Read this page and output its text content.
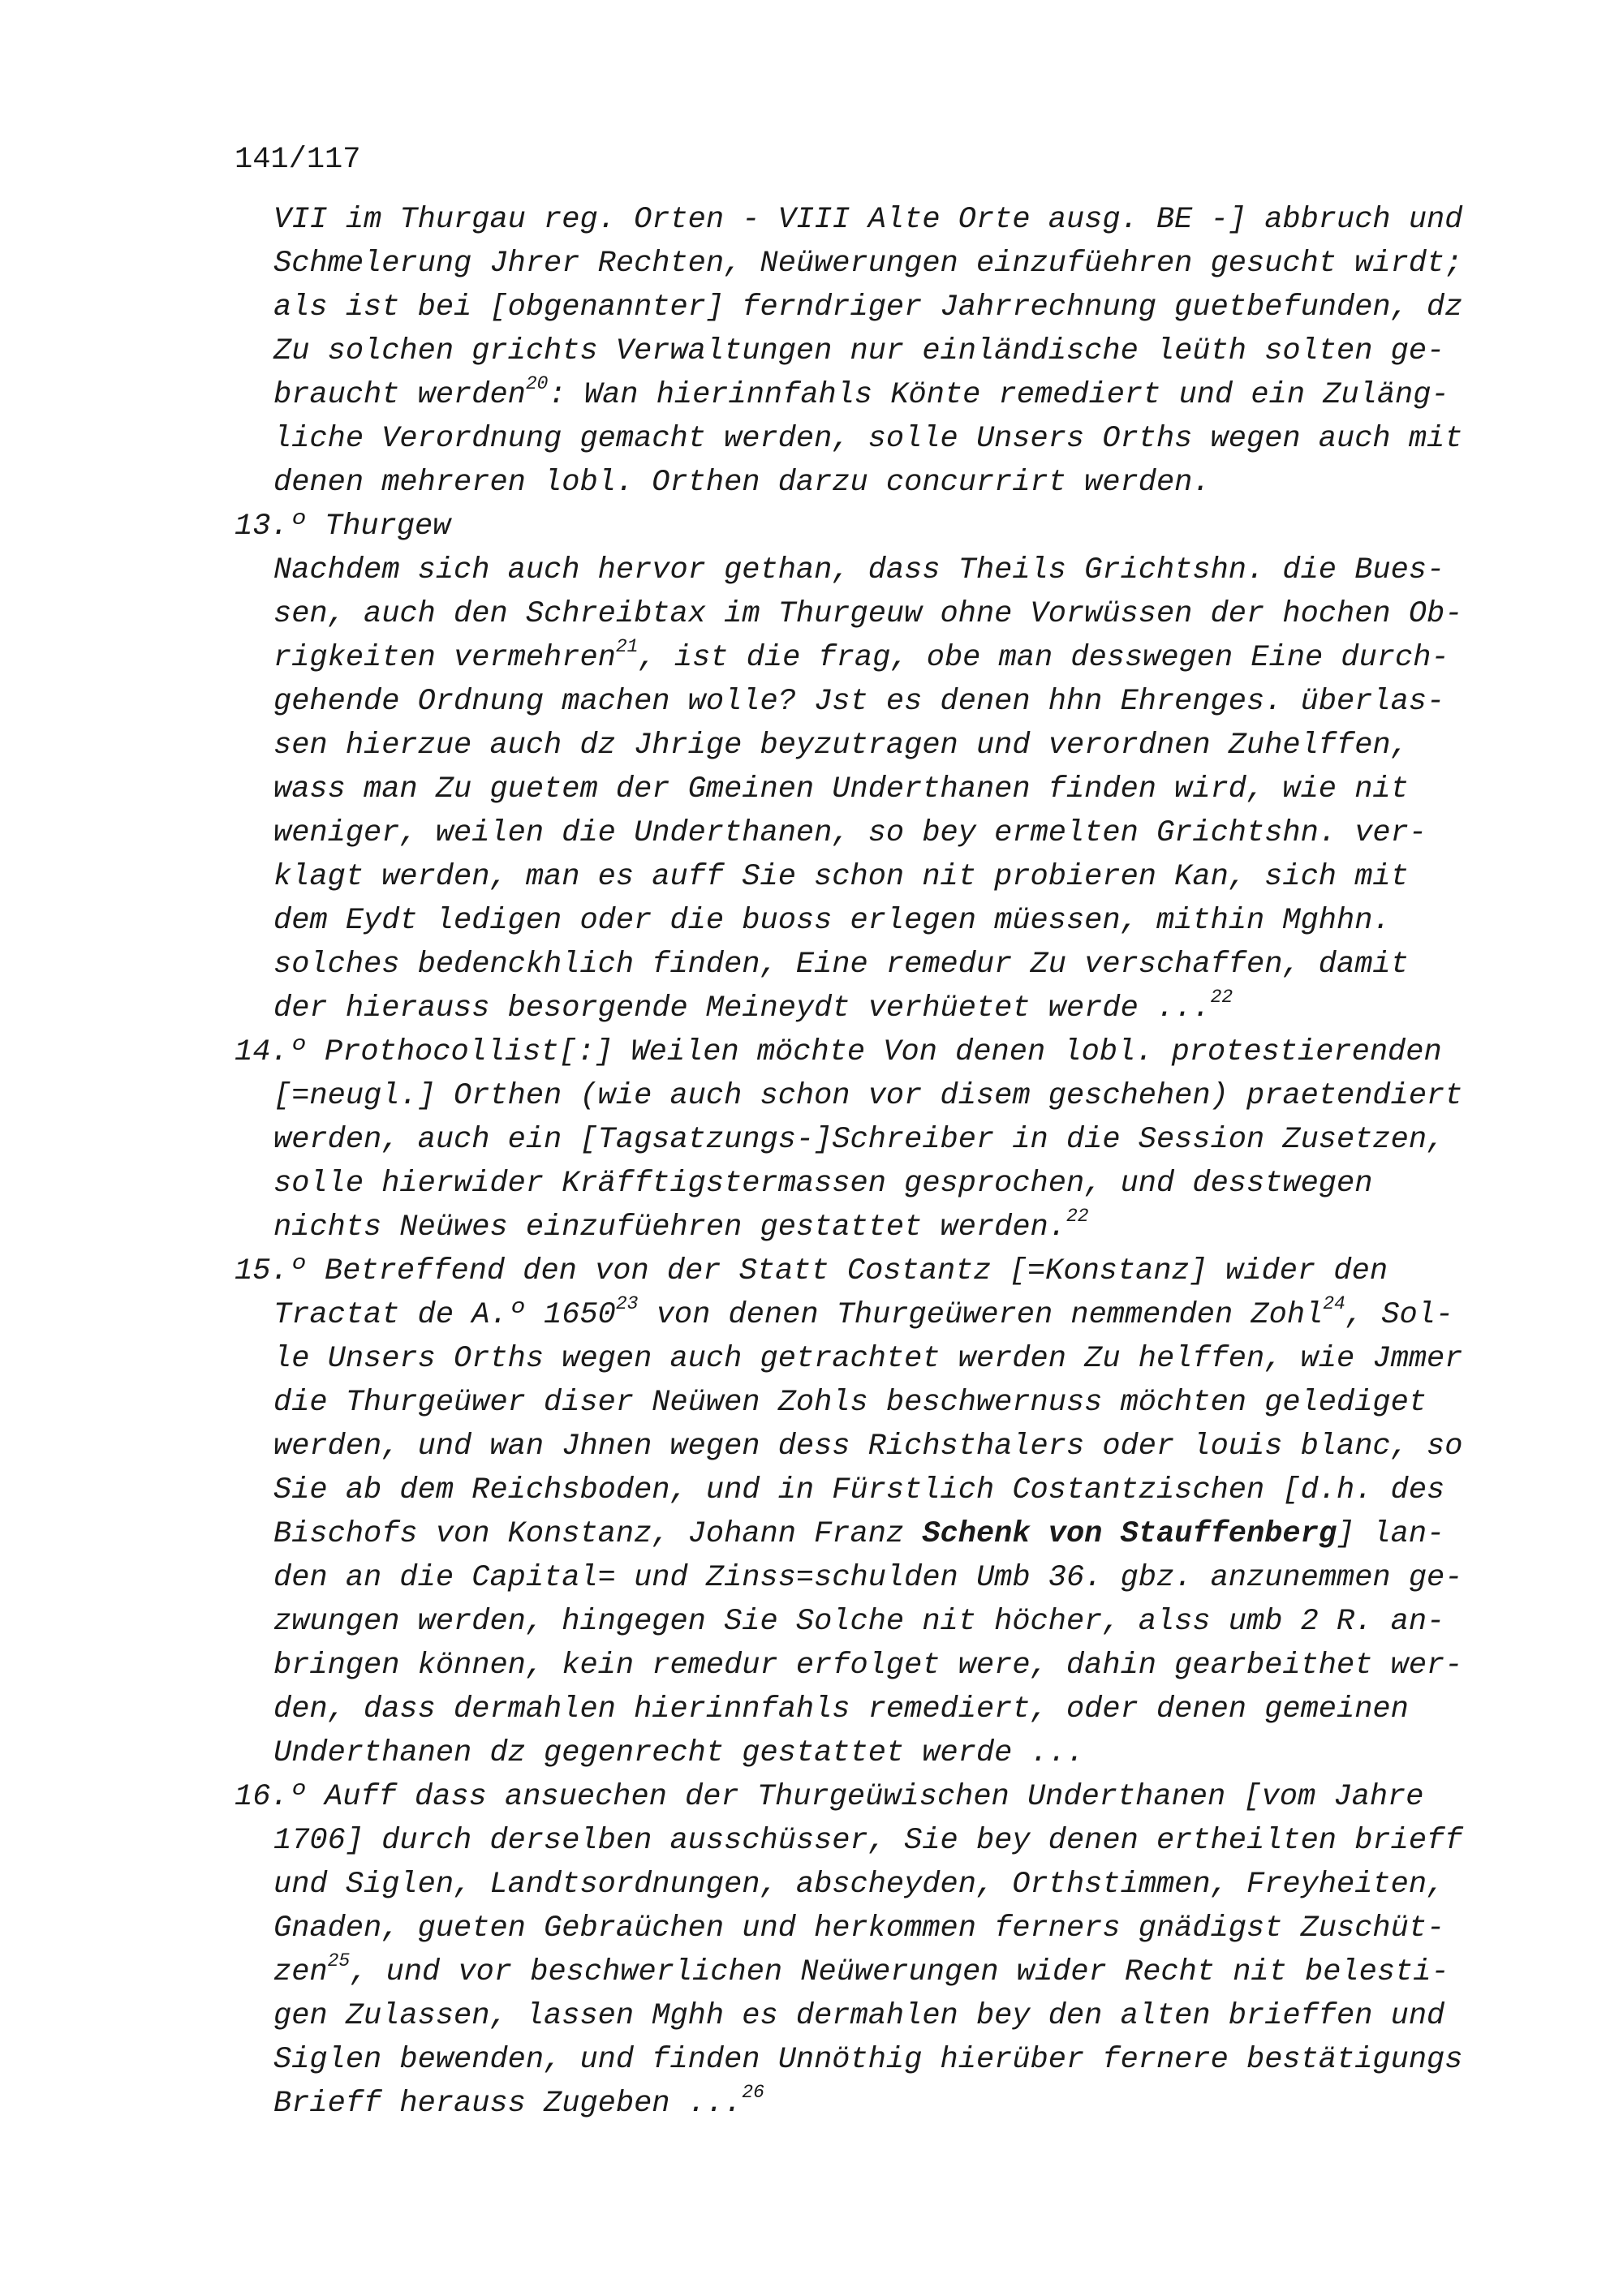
141/117
VII im Thurgau reg. Orten - VIII Alte Orte ausg. BE -] abbruch und
Schmelerung Jhrer Rechten, Neüwerungen einzufüehren gesucht wirdt;
als ist bei [obgenannter] ferndriger Jahrrechnung guetbefunden, dz
Zu solchen grichts Verwaltungen nur einländische leüth solten ge-
braucht werden$^{20}$: Wan hierinnfahls Könte remediert und ein Zuläng-
liche Verordnung gemacht werden, solle Unsers Orths wegen auch mit
denen mehreren lobl. Orthen darzu concurrirt werden.
13.º Thurgew
Nachdem sich auch hervor gethan, dass Theils Grichtshn. die Bues-
sen, auch den Schreibtax im Thurgeuw ohne Vorwüssen der hochen Ob-
rigkeiten vermehren$^{21}$, ist die frag, obe man desswegen Eine durch-
gehende Ordnung machen wolle? Jst es denen hhn Ehrenges. überlas-
sen hierzue auch dz Jhrige beyzutragen und verordnen Zuhelffen,
wass man Zu guetem der Gmeinen Underthanen finden wird, wie nit
weniger, weilen die Underthanen, so bey ermelten Grichtshn. ver-
klagt werden, man es auff Sie schon nit probieren Kan, sich mit
dem Eydt ledigen oder die buoss erlegen müessen, mithin Mghhn.
solches bedenckhlich finden, Eine remedur Zu verschaffen, damit
der hierauss besorgende Meineydt verhüetet werde ...$^{22}$
14.º Prothocollist[:] Weilen möchte Von denen lobl. protestierenden
[=neugl.] Orthen (wie auch schon vor disem geschehen) praetendiert
werden, auch ein [Tagsatzungs-]Schreiber in die Session Zusetzen,
solle hierwider Kräfftigstermassen gesprochen, und desstwegen
nichts Neüwes einzufüehren gestattet werden.$^{22}$
15.º Betreffend den von der Statt Costantz [=Konstanz] wider den
Tractat de A.º 1650$^{23}$ von denen Thurgeüweren nemmenden Zohl$^{24}$, Sol-
le Unsers Orths wegen auch getrachtet werden Zu helffen, wie Jmmer
die Thurgeüwer diser Neüwen Zohls beschwernuss möchten gelediget
werden, und wan Jhnen wegen dess Richsthalers oder louis blanc, so
Sie ab dem Reichsboden, und in Fürstlich Costantzischen [d.h. des
Bischofs von Konstanz, Johann Franz Schenk von Stauffenberg] lan-
den an die Capital= und Zinss=schulden Umb 36. gbz. anzunemmen ge-
zwungen werden, hingegen Sie Solche nit höcher, alss umb 2 R. an-
bringen können, kein remedur erfolget were, dahin gearbeithet wer-
den, dass dermahlen hierinnfahls remediert, oder denen gemeinen
Underthanen dz gegenrecht gestattet werde ...
16.º Auff dass ansuechen der Thurgeüwischen Underthanen [vom Jahre
1706] durch derselben ausschüsser, Sie bey denen ertheilten brieff
und Siglen, Landtsordnungen, abscheyden, Orthstimmen, Freyheiten,
Gnaden, gueten Gebraüchen und herkommen ferners gnädigst Zuschüt-
zen$^{25}$, und vor beschwerlichen Neüwerungen wider Recht nit belesti-
gen Zulassen, lassen Mghh es dermahlen bey den alten brieffen und
Siglen bewenden, und finden Unnöthig hierüber fernere bestätigungs
Brieff herauss Zugeben ...$^{26}$
